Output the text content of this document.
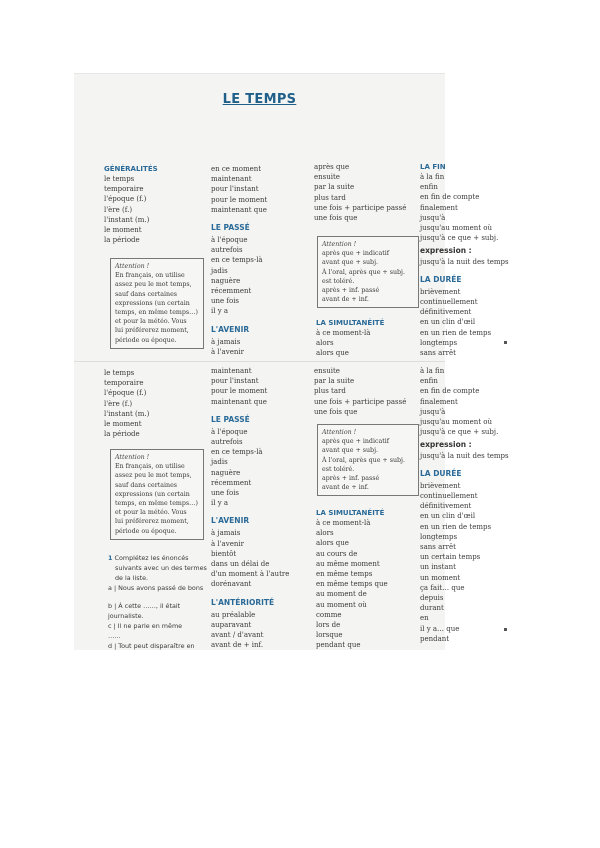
LE TEMPS
GÉNÉRALITÉS
le temps
temporaire
l'époque (f.)
l'ère (f.)
l'instant (m.)
le moment
la période
Attention !
En français, on utilise
assez peu le mot temps,
sauf dans certaines
expressions (un certain
temps, en même temps…)
et pour la météo. Vous
lui préférerez moment,
période ou époque.
en ce moment
maintenant
pour l'instant
pour le moment
maintenant que
LE PASSÉ
à l'époque
autrefois
en ce temps-là
jadis
naguère
récemment
une fois
il y a
L'AVENIR
à jamais
à l'avenir
après que
ensuite
par la suite
plus tard
une fois + participe passé
une fois que
Attention !
après que + indicatif
avant que + subj.
À l'oral, après que + subj.
est toléré.
après + inf. passé
avant de + inf.
LA SIMULTANÉITÉ
à ce moment-là
alors
alors que
LA FIN
à la fin
enfin
en fin de compte
finalement
jusqu'à
jusqu'au moment où
jusqu'à ce que + subj.
expression :
jusqu'à la nuit des temps
LA DURÉE
brièvement
continuellement
définitivement
en un clin d'œil
en un rien de temps
longtemps
sans arrêt
le temps
temporaire
l'époque (f.)
l'ère (f.)
l'instant (m.)
le moment
la période
Attention !
En français, on utilise
assez peu le mot temps,
sauf dans certaines
expressions (un certain
temps, en même temps…)
et pour la météo. Vous
lui préférerez moment,
période ou époque.
1 Complétez les énoncés
suivants avec un des termes
de la liste.
a | Nous avons passé de bons
b | À cette ……, il était
journaliste.
c | Il ne parle en même
……
d | Tout peut disparaître en
maintenant
pour l'instant
pour le moment
maintenant que
LE PASSÉ
à l'époque
autrefois
en ce temps-là
jadis
naguère
récemment
une fois
il y a
L'AVENIR
à jamais
à l'avenir
bientôt
dans un délai de
d'un moment à l'autre
dorénavant
L'ANTÉRIORITÉ
au préalable
auparavant
avant / d'avant
avant de + inf.
ensuite
par la suite
plus tard
une fois + participe passé
une fois que
Attention !
après que + indicatif
avant que + subj.
À l'oral, après que + subj.
est toléré.
après + inf. passé
avant de + inf.
LA SIMULTANÉITÉ
à ce moment-là
alors
alors que
au cours de
au même moment
en même temps
en même temps que
au moment de
au moment où
comme
lors de
lorsque
pendant que
à la fin
enfin
en fin de compte
finalement
jusqu'à
jusqu'au moment où
jusqu'à ce que + subj.
expression :
jusqu'à la nuit des temps
LA DURÉE
brièvement
continuellement
définitivement
en un clin d'œil
en un rien de temps
longtemps
sans arrêt
un certain temps
un instant
un moment
ça fait… que
depuis
durant
en
il y a… que
pendant
